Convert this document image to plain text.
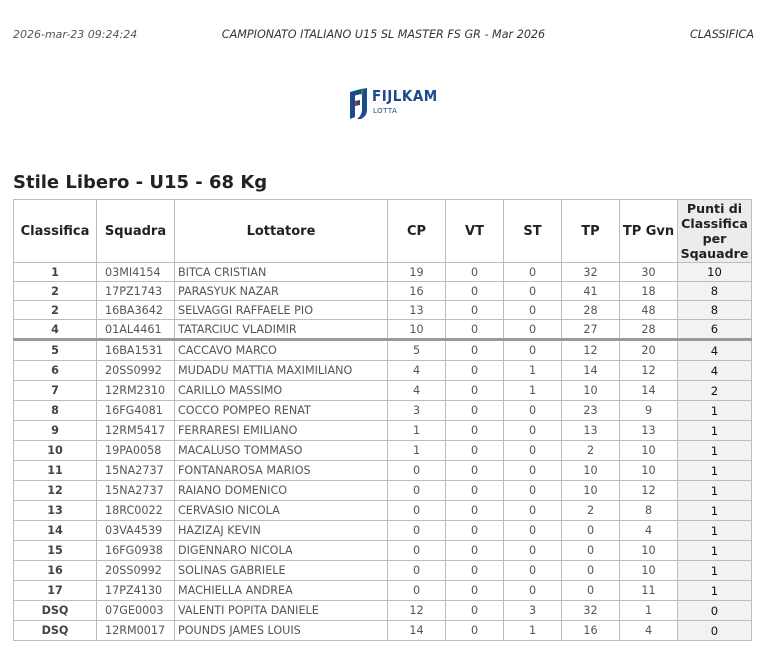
2026-mar-23 09:24:24	CAMPIONATO ITALIANO U15 SL MASTER FS GR - Mar 2026	CLASSIFICA
FIJLKAM
LOTTA
Stile Libero - U15 - 68 Kg
Classifica	Squadra	Lottatore	CP	VT	ST	TP	TP Gvn	Punti di Classifica per Sqauadre
1	03MI4154	BITCA CRISTIAN	19	0	0	32	30	10
2	17PZ1743	PARASYUK NAZAR	16	0	0	41	18	8
2	16BA3642	SELVAGGI RAFFAELE PIO	13	0	0	28	48	8
4	01AL4461	TATARCIUC VLADIMIR	10	0	0	27	28	6
5	16BA1531	CACCAVO MARCO	5	0	0	12	20	4
6	20SS0992	MUDADU MATTIA MAXIMILIANO	4	0	1	14	12	4
7	12RM2310	CARILLO MASSIMO	4	0	1	10	14	2
8	16FG4081	COCCO POMPEO RENAT	3	0	0	23	9	1
9	12RM5417	FERRARESI EMILIANO	1	0	0	13	13	1
10	19PA0058	MACALUSO TOMMASO	1	0	0	2	10	1
11	15NA2737	FONTANAROSA MARIOS	0	0	0	10	10	1
12	15NA2737	RAIANO DOMENICO	0	0	0	10	12	1
13	18RC0022	CERVASIO NICOLA	0	0	0	2	8	1
14	03VA4539	HAZIZAJ KEVIN	0	0	0	0	4	1
15	16FG0938	DIGENNARO NICOLA	0	0	0	0	10	1
16	20SS0992	SOLINAS GABRIELE	0	0	0	0	10	1
17	17PZ4130	MACHIELLA ANDREA	0	0	0	0	11	1
DSQ	07GE0003	VALENTI POPITA DANIELE	12	0	3	32	1	0
DSQ	12RM0017	POUNDS JAMES LOUIS	14	0	1	16	4	0
